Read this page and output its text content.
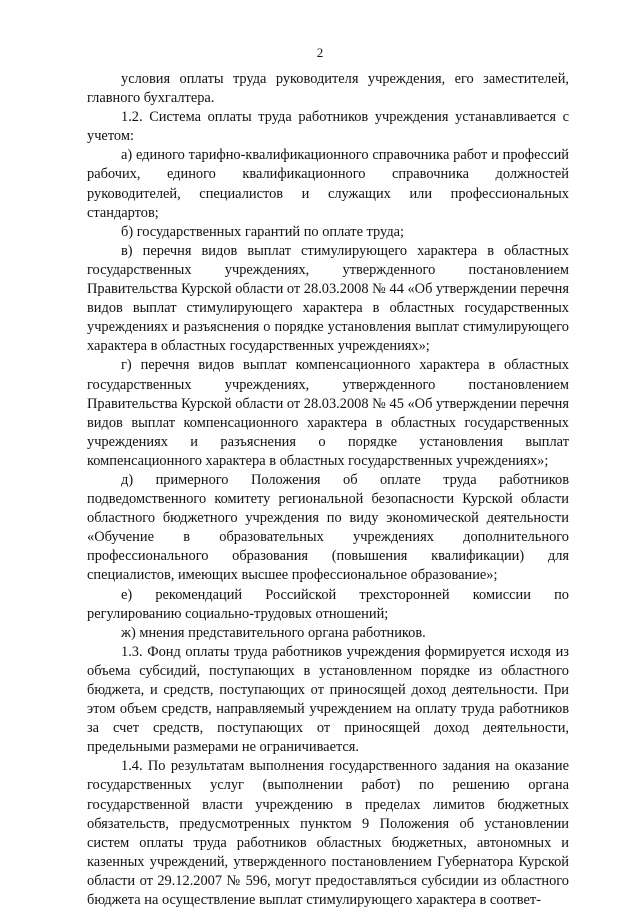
2

условия оплаты труда руководителя учреждения, его заместителей, главного бухгалтера.

1.2. Система оплаты труда работников учреждения устанавливается с учетом:

а) единого тарифно-квалификационного справочника работ и профессий рабочих, единого квалификационного справочника должностей руководителей, специалистов и служащих или профессиональных стандартов;

б) государственных гарантий по оплате труда;

в) перечня видов выплат стимулирующего характера в областных государственных учреждениях, утвержденного постановлением Правительства Курской области от 28.03.2008 № 44 «Об утверждении перечня видов выплат стимулирующего характера в областных государственных учреждениях и разъяснения о порядке установления выплат стимулирующего характера в областных государственных учреждениях»;

г) перечня видов выплат компенсационного характера в областных государственных учреждениях, утвержденного постановлением Правительства Курской области от 28.03.2008 № 45 «Об утверждении перечня видов выплат компенсационного характера в областных государственных учреждениях и разъяснения о порядке установления выплат компенсационного характера в областных государственных учреждениях»;

д) примерного Положения об оплате труда работников подведомственного комитету региональной безопасности Курской области областного бюджетного учреждения по виду экономической деятельности «Обучение в образовательных учреждениях дополнительного профессионального образования (повышения квалификации) для специалистов, имеющих высшее профессиональное образование»;

е) рекомендаций Российской трехсторонней комиссии по регулированию социально-трудовых отношений;

ж) мнения представительного органа работников.

1.3. Фонд оплаты труда работников учреждения формируется исходя из объема субсидий, поступающих в установленном порядке из областного бюджета, и средств, поступающих от приносящей доход деятельности. При этом объем средств, направляемый учреждением на оплату труда работников за счет средств, поступающих от приносящей доход деятельности, предельными размерами не ограничивается.

1.4. По результатам выполнения государственного задания на оказание государственных услуг (выполнении работ) по решению органа государственной власти учреждению в пределах лимитов бюджетных обязательств, предусмотренных пунктом 9 Положения об установлении систем оплаты труда работников областных бюджетных, автономных и казенных учреждений, утвержденного постановлением Губернатора Курской области от 29.12.2007 № 596, могут предоставляться субсидии из областного бюджета на осуществление выплат стимулирующего характера в соответ-
